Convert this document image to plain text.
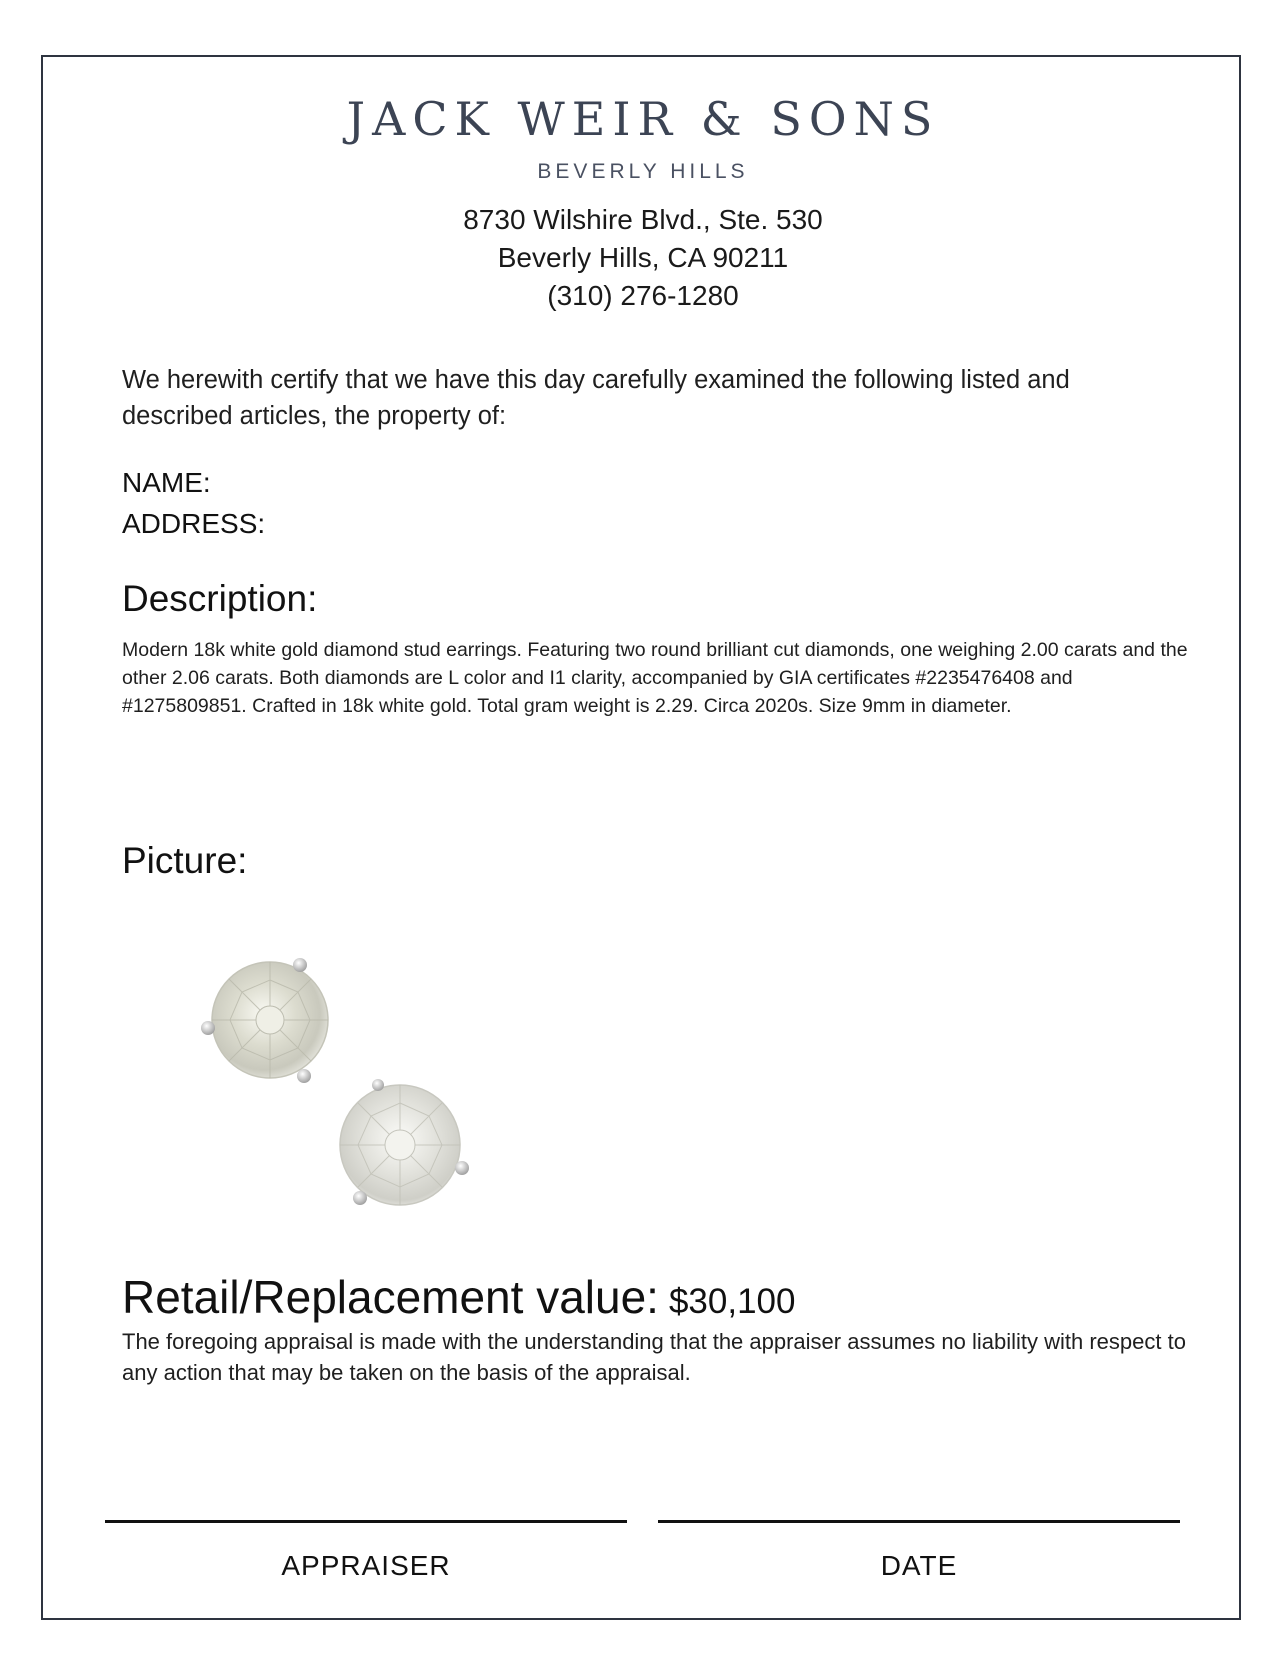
JACK WEIR & SONS
BEVERLY HILLS
8730 Wilshire Blvd., Ste. 530
Beverly Hills, CA 90211
(310) 276-1280
We herewith certify that we have this day carefully examined the following listed and described articles, the property of:
NAME:
ADDRESS:
Description:
Modern 18k white gold diamond stud earrings. Featuring two round brilliant cut diamonds, one weighing 2.00 carats and the other 2.06 carats. Both diamonds are L color and I1 clarity, accompanied by GIA certificates #2235476408 and #1275809851. Crafted in 18k white gold. Total gram weight is 2.29. Circa 2020s. Size 9mm in diameter.
Picture:
Retail/Replacement value: $30,100
The foregoing appraisal is made with the understanding that the appraiser assumes no liability with respect to any action that may be taken on the basis of the appraisal.
APPRAISER	DATE
